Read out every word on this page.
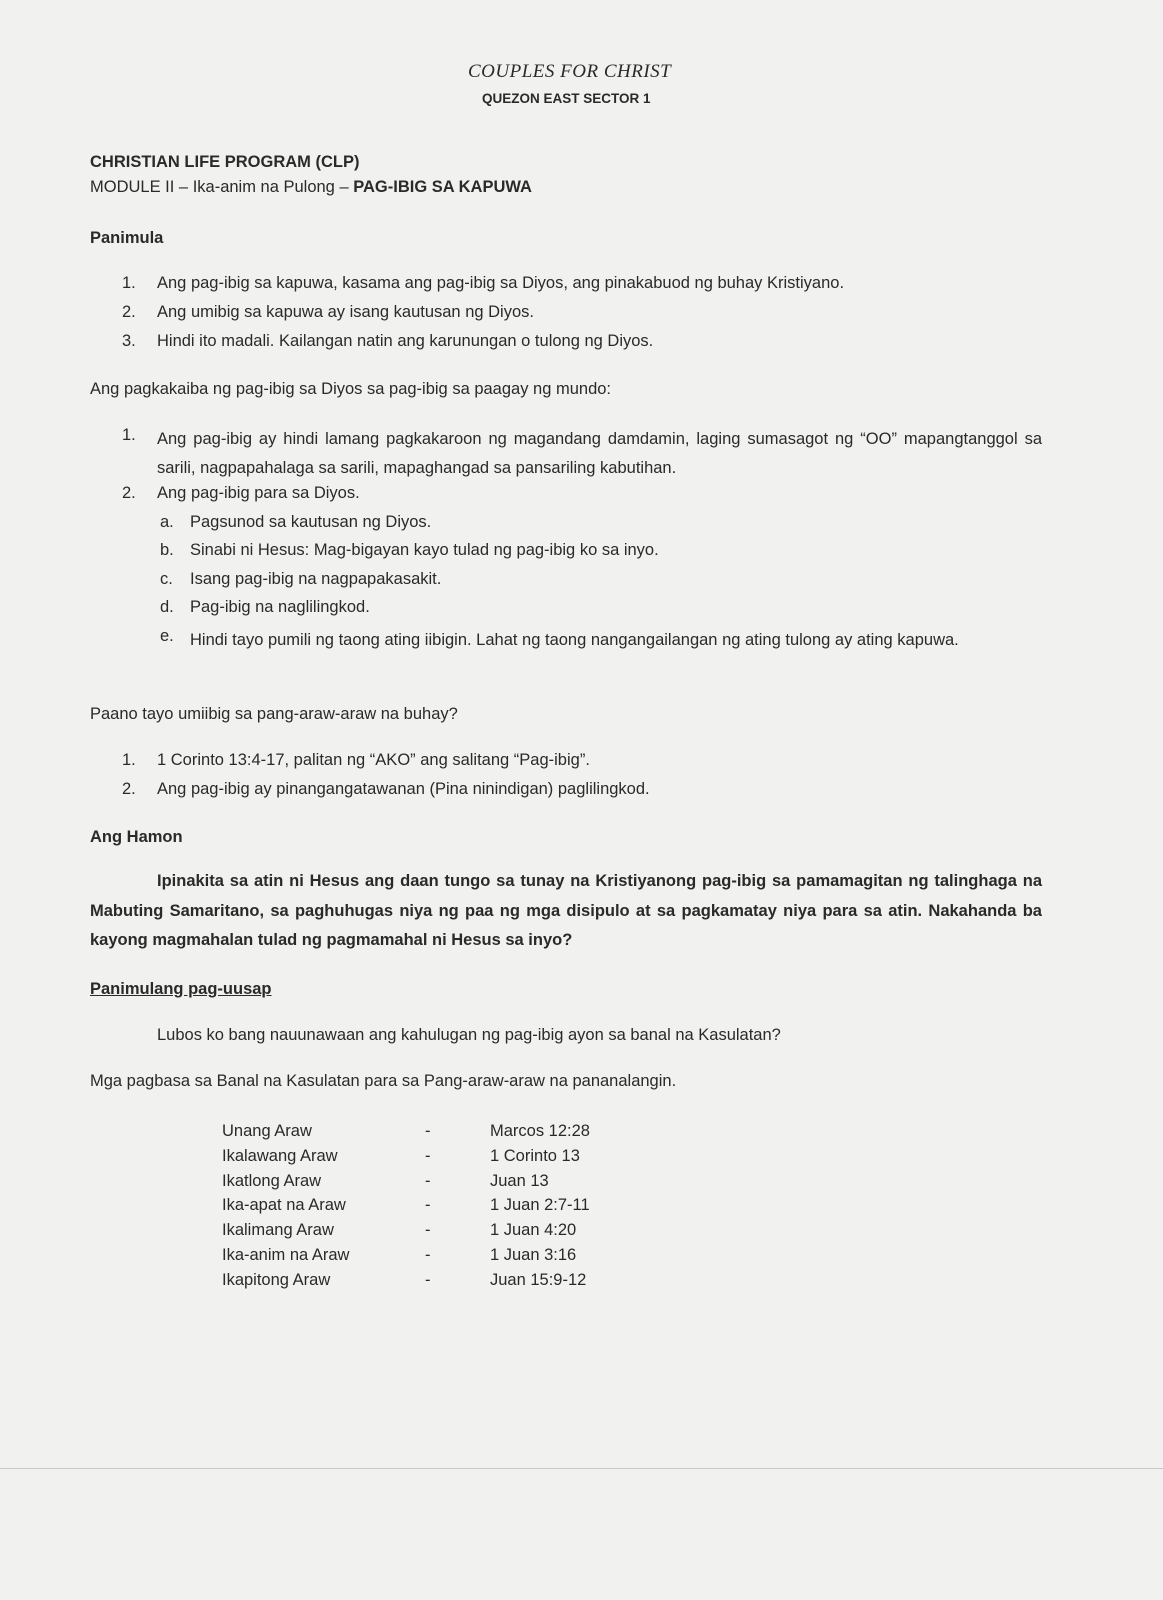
COUPLES FOR CHRIST
QUEZON EAST SECTOR 1
CHRISTIAN LIFE PROGRAM (CLP)
MODULE II – Ika-anim na Pulong – PAG-IBIG SA KAPUWA
Panimula
1. Ang pag-ibig sa kapuwa, kasama ang pag-ibig sa Diyos, ang pinakabuod ng buhay Kristiyano.
2. Ang umibig sa kapuwa ay isang kautusan ng Diyos.
3. Hindi ito madali. Kailangan natin ang karunungan o tulong ng Diyos.
Ang pagkakaiba ng pag-ibig sa Diyos sa pag-ibig sa paagay ng mundo:
1. Ang pag-ibig ay hindi lamang pagkakaroon ng magandang damdamin, laging sumasagot ng “OO” mapangtanggol sa sarili, nagpapahalaga sa sarili, mapaghangad sa pansariling kabutihan.
2. Ang pag-ibig para sa Diyos.
a. Pagsunod sa kautusan ng Diyos.
b. Sinabi ni Hesus: Mag-bigayan kayo tulad ng pag-ibig ko sa inyo.
c. Isang pag-ibig na nagpapakasakit.
d. Pag-ibig na naglilingkod.
e. Hindi tayo pumili ng taong ating iibigin. Lahat ng taong nangangailangan ng ating tulong ay ating kapuwa.
Paano tayo umiibig sa pang-araw-araw na buhay?
1. 1 Corinto 13:4-17, palitan ng “AKO” ang salitang “Pag-ibig”.
2. Ang pag-ibig ay pinangangatawanan (Pina ninindigan) paglilingkod.
Ang Hamon
Ipinakita sa atin ni Hesus ang daan tungo sa tunay na Kristiyanong pag-ibig sa pamamagitan ng talinghaga na Mabuting Samaritano, sa paghuhugas niya ng paa ng mga disipulo at sa pagkamatay niya para sa atin. Nakahanda ba kayong magmahalan tulad ng pagmamahal ni Hesus sa inyo?
Panimulang pag-uusap
Lubos ko bang nauunawaan ang kahulugan ng pag-ibig ayon sa banal na Kasulatan?
Mga pagbasa sa Banal na Kasulatan para sa Pang-araw-araw na pananalangin.
Unang Araw	-	Marcos 12:28
Ikalawang Araw	-	1 Corinto 13
Ikatlong Araw	-	Juan 13
Ika-apat na Araw	-	1 Juan 2:7-11
Ikalimang Araw	-	1 Juan 4:20
Ika-anim na Araw	-	1 Juan 3:16
Ikapitong Araw	-	Juan 15:9-12
